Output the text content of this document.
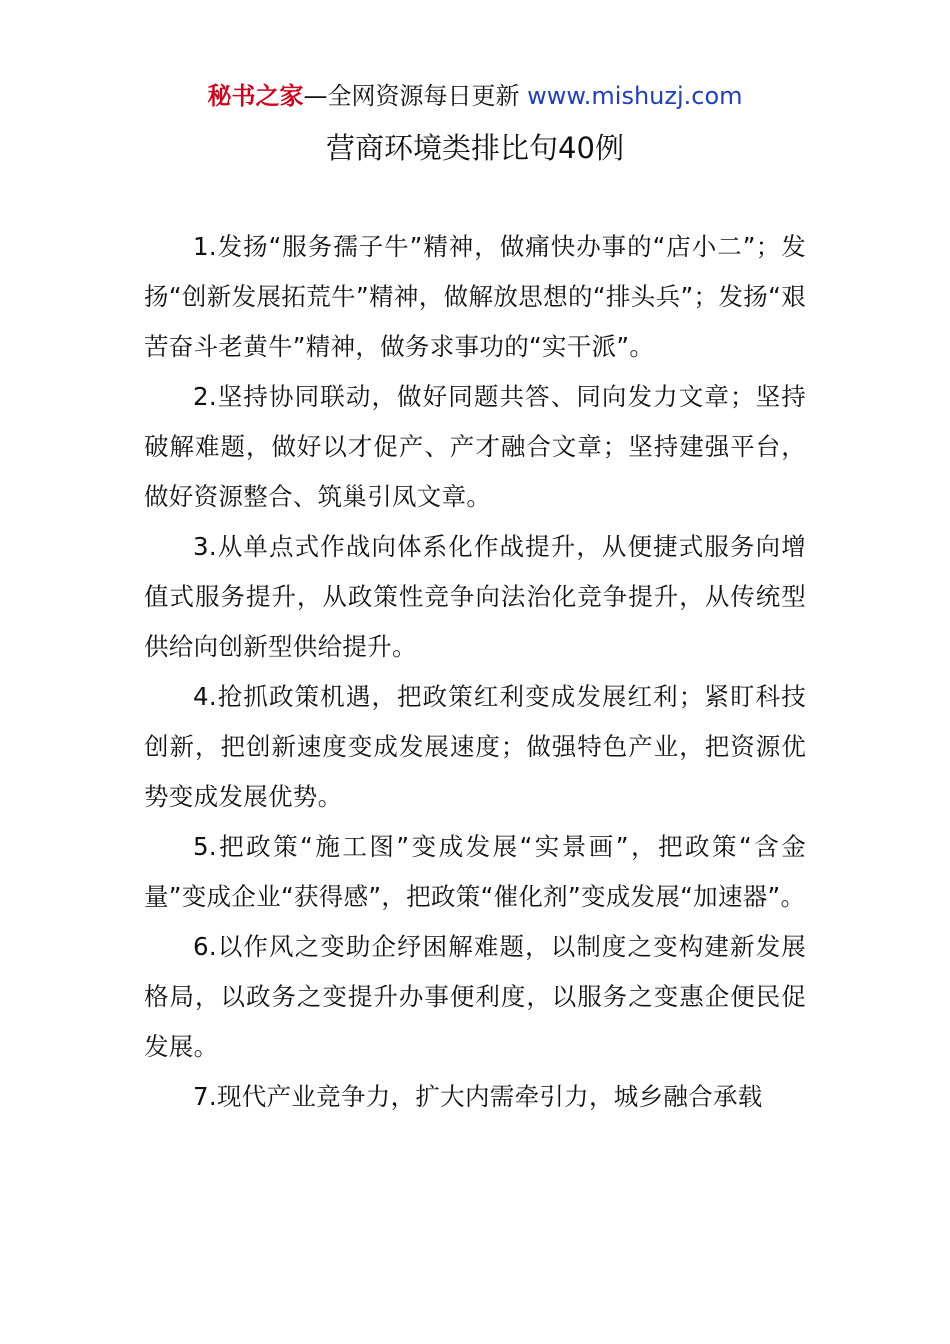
秘书之家—全网资源每日更新 www.mishuzj.com
营商环境类排比句40例

1.发扬“服务孺子牛”精神，做痛快办事的“店小二”；发扬“创新发展拓荒牛”精神，做解放思想的“排头兵”；发扬“艰苦奋斗老黄牛”精神，做务求事功的“实干派”。

2.坚持协同联动，做好同题共答、同向发力文章；坚持破解难题，做好以才促产、产才融合文章；坚持建强平台，做好资源整合、筑巢引凤文章。

3.从单点式作战向体系化作战提升，从便捷式服务向增值式服务提升，从政策性竞争向法治化竞争提升，从传统型供给向创新型供给提升。

4.抢抓政策机遇，把政策红利变成发展红利；紧盯科技创新，把创新速度变成发展速度；做强特色产业，把资源优势变成发展优势。

5.把政策“施工图”变成发展“实景画”，把政策“含金量”变成企业“获得感”，把政策“催化剂”变成发展“加速器”。

6.以作风之变助企纾困解难题，以制度之变构建新发展格局，以政务之变提升办事便利度，以服务之变惠企便民促发展。

7.现代产业竞争力，扩大内需牵引力，城乡融合承载
